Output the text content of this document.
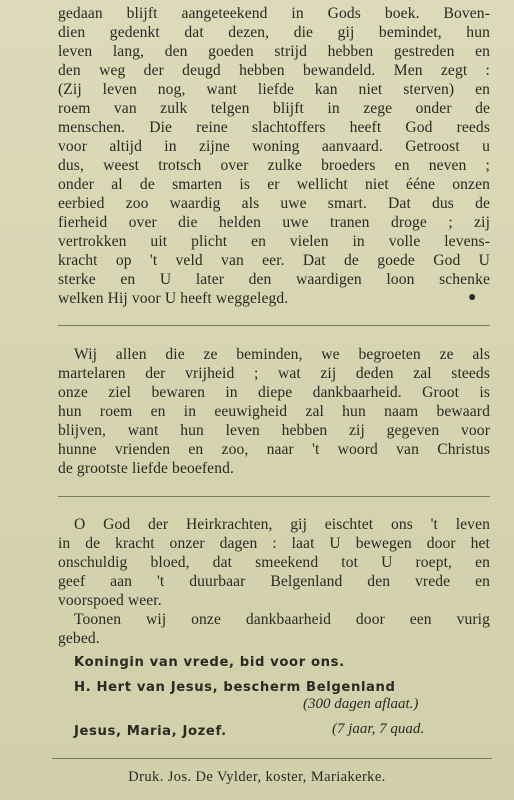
gedaan blijft aangeteekend in Gods boek. Boven-
dien gedenkt dat dezen, die gij bemindet, hun
leven lang, den goeden strijd hebben gestreden en
den weg der deugd hebben bewandeld. Men zegt :
(Zij leven nog, want liefde kan niet sterven) en
roem van zulk telgen blijft in zege onder de
menschen. Die reine slachtoffers heeft God reeds
voor altijd in zijne woning aanvaard. Getroost u
dus, weest trotsch over zulke broeders en neven ;
onder al de smarten is er wellicht niet ééne onzen
eerbied zoo waardig als uwe smart. Dat dus de
fierheid over die helden uwe tranen droge ; zij
vertrokken uit plicht en vielen in volle levens-
kracht op 't veld van eer. Dat de goede God U
sterke en U later den waardigen loon schenke
welken Hij voor U heeft weggelegd.	●
Wij allen die ze beminden, we begroeten ze als
martelaren der vrijheid ; wat zij deden zal steeds
onze ziel bewaren in diepe dankbaarheid. Groot is
hun roem en in eeuwigheid zal hun naam bewaard
blijven, want hun leven hebben zij gegeven voor
hunne vrienden en zoo, naar 't woord van Christus
de grootste liefde beoefend.
O God der Heirkrachten, gij eischtet ons 't leven
in de kracht onzer dagen : laat U bewegen door het
onschuldig bloed, dat smeekend tot U roept, en
geef aan 't duurbaar Belgenland den vrede en
voorspoed weer.
Toonen wij onze dankbaarheid door een vurig
gebed.
Koningin van vrede, bid voor ons.
H. Hert van Jesus, bescherm Belgenland
(300 dagen aflaat.)
Jesus, Maria, Jozef.	(7 jaar, 7 quad.
Druk. Jos. De Vylder, koster, Mariakerke.
